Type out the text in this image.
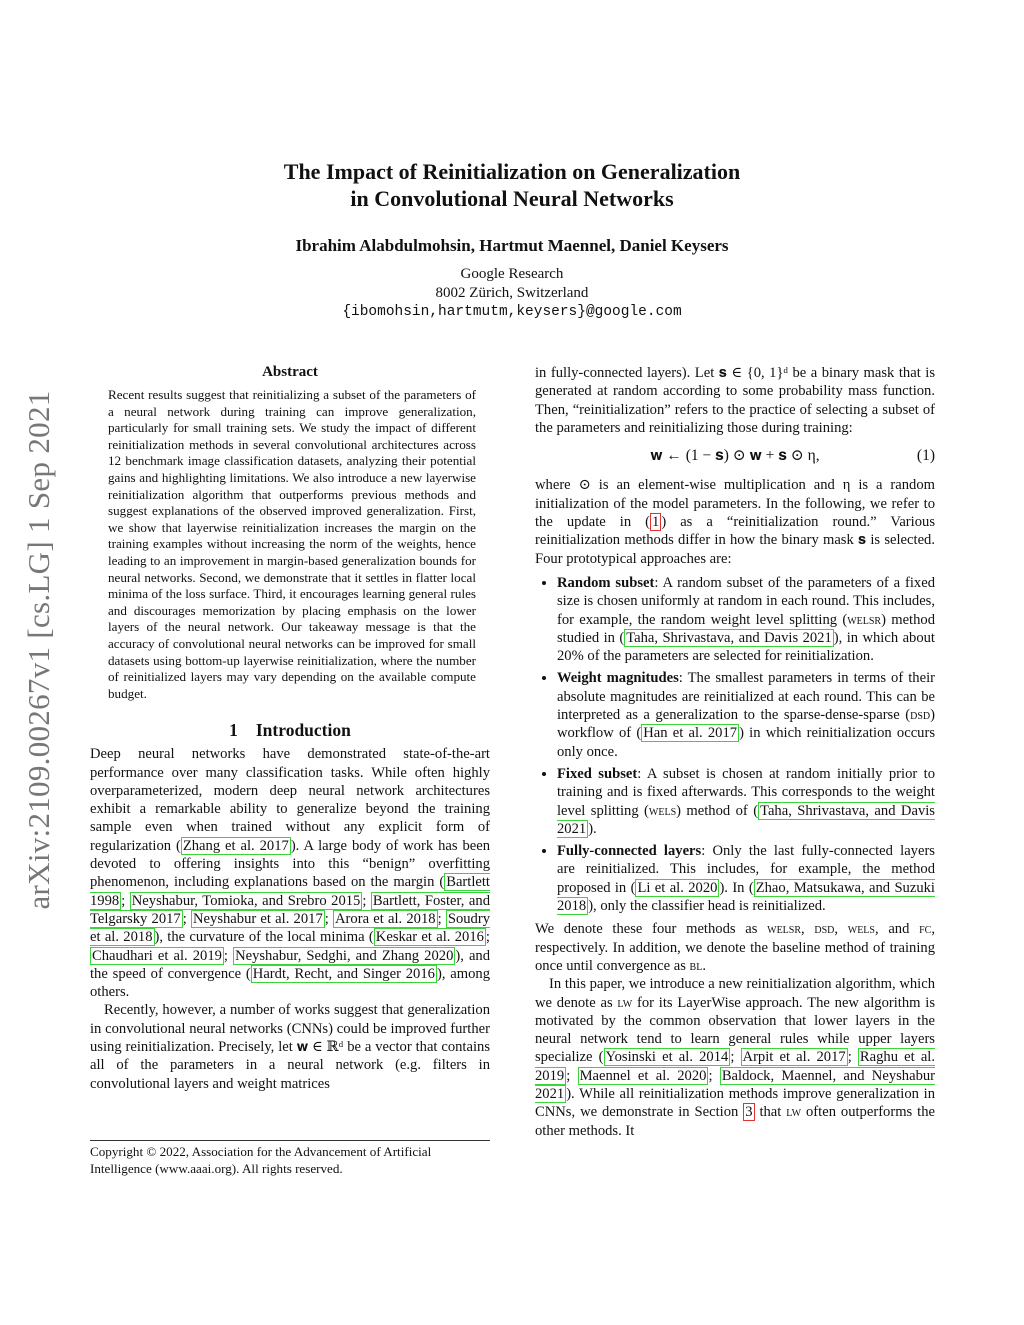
arXiv:2109.00267v1 [cs.LG] 1 Sep 2021
The Impact of Reinitialization on Generalization
in Convolutional Neural Networks
Ibrahim Alabdulmohsin, Hartmut Maennel, Daniel Keysers
Google Research
8002 Zürich, Switzerland
{ibomohsin,hartmutm,keysers}@google.com
Abstract

Recent results suggest that reinitializing a subset of the parameters of a neural network during training can improve generalization, particularly for small training sets. We study the impact of different reinitialization methods in several convolutional architectures across 12 benchmark image classification datasets, analyzing their potential gains and highlighting limitations. We also introduce a new layerwise reinitialization algorithm that outperforms previous methods and suggest explanations of the observed improved generalization. First, we show that layerwise reinitialization increases the margin on the training examples without increasing the norm of the weights, hence leading to an improvement in margin-based generalization bounds for neural networks. Second, we demonstrate that it settles in flatter local minima of the loss surface. Third, it encourages learning general rules and discourages memorization by placing emphasis on the lower layers of the neural network. Our takeaway message is that the accuracy of convolutional neural networks can be improved for small datasets using bottom-up layerwise reinitialization, where the number of reinitialized layers may vary depending on the available compute budget.

1 Introduction

Deep neural networks have demonstrated state-of-the-art performance over many classification tasks. While often highly overparameterized, modern deep neural network architectures exhibit a remarkable ability to generalize beyond the training sample even when trained without any explicit form of regularization ( Zhang et al. 2017 ). A large body of work has been devoted to offering insights into this “benign” overfitting phenomenon, including explanations based on the margin ( Bartlett 1998 ; Neyshabur, Tomioka, and Srebro 2015 ; Bartlett, Foster, and Telgarsky 2017 ; Neyshabur et al. 2017 ; Arora et al. 2018 ; Soudry et al. 2018 ), the curvature of the local minima ( Keskar et al. 2016 ; Chaudhari et al. 2019 ; Neyshabur, Sedghi, and Zhang 2020 ), and the speed of convergence ( Hardt, Recht, and Singer 2016 ), among others.

Recently, however, a number of works suggest that generalization in convolutional neural networks (CNNs) could be improved further using reinitialization. Precisely, let 𝐰 ∈ ℝᵈ be a vector that contains all of the parameters in a neural network (e.g. filters in convolutional layers and weight matrices

Copyright © 2022, Association for the Advancement of Artificial Intelligence (www.aaai.org). All rights reserved.

in fully-connected layers). Let 𝐬 ∈ {0, 1}ᵈ be a binary mask that is generated at random according to some probability mass function. Then, “reinitialization” refers to the practice of selecting a subset of the parameters and reinitializing those during training:

𝐰 ← (1 − 𝐬) ⊙ 𝐰 + 𝐬 ⊙ η,	(1)

where ⊙ is an element-wise multiplication and η is a random initialization of the model parameters. In the following, we refer to the update in ( 1 ) as a “reinitialization round.” Various reinitialization methods differ in how the binary mask 𝐬 is selected. Four prototypical approaches are:

• Random subset: A random subset of the parameters of a fixed size is chosen uniformly at random in each round. This includes, for example, the random weight level splitting (welsr) method studied in ( Taha, Shrivastava, and Davis 2021 ), in which about 20% of the parameters are selected for reinitialization.
• Weight magnitudes: The smallest parameters in terms of their absolute magnitudes are reinitialized at each round. This can be interpreted as a generalization to the sparse-dense-sparse (dsd) workflow of ( Han et al. 2017 ) in which reinitialization occurs only once.
• Fixed subset: A subset is chosen at random initially prior to training and is fixed afterwards. This corresponds to the weight level splitting (wels) method of ( Taha, Shrivastava, and Davis 2021 ).
• Fully-connected layers: Only the last fully-connected layers are reinitialized. This includes, for example, the method proposed in ( Li et al. 2020 ). In ( Zhao, Matsukawa, and Suzuki 2018 ), only the classifier head is reinitialized.

We denote these four methods as welsr, dsd, wels, and fc, respectively. In addition, we denote the baseline method of training once until convergence as bl.

In this paper, we introduce a new reinitialization algorithm, which we denote as lw for its LayerWise approach. The new algorithm is motivated by the common observation that lower layers in the neural network tend to learn general rules while upper layers specialize ( Yosinski et al. 2014 ; Arpit et al. 2017 ; Raghu et al. 2019 ; Maennel et al. 2020 ; Baldock, Maennel, and Neyshabur 2021 ). While all reinitialization methods improve generalization in CNNs, we demonstrate in Section 3 that lw often outperforms the other methods. It
